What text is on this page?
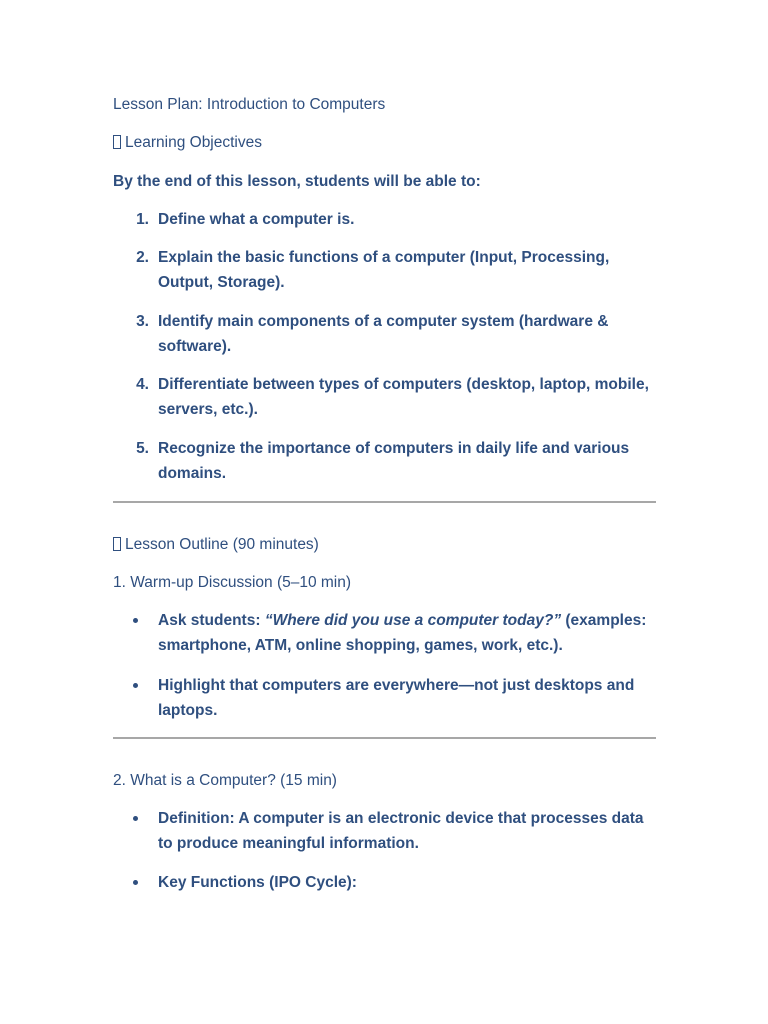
Lesson Plan: Introduction to Computers
Learning Objectives
By the end of this lesson, students will be able to:
1. Define what a computer is.
2. Explain the basic functions of a computer (Input, Processing, Output, Storage).
3. Identify main components of a computer system (hardware & software).
4. Differentiate between types of computers (desktop, laptop, mobile, servers, etc.).
5. Recognize the importance of computers in daily life and various domains.
Lesson Outline (90 minutes)
1. Warm-up Discussion (5–10 min)
Ask students: “Where did you use a computer today?” (examples: smartphone, ATM, online shopping, games, work, etc.).
Highlight that computers are everywhere—not just desktops and laptops.
2. What is a Computer? (15 min)
Definition: A computer is an electronic device that processes data to produce meaningful information.
Key Functions (IPO Cycle):
